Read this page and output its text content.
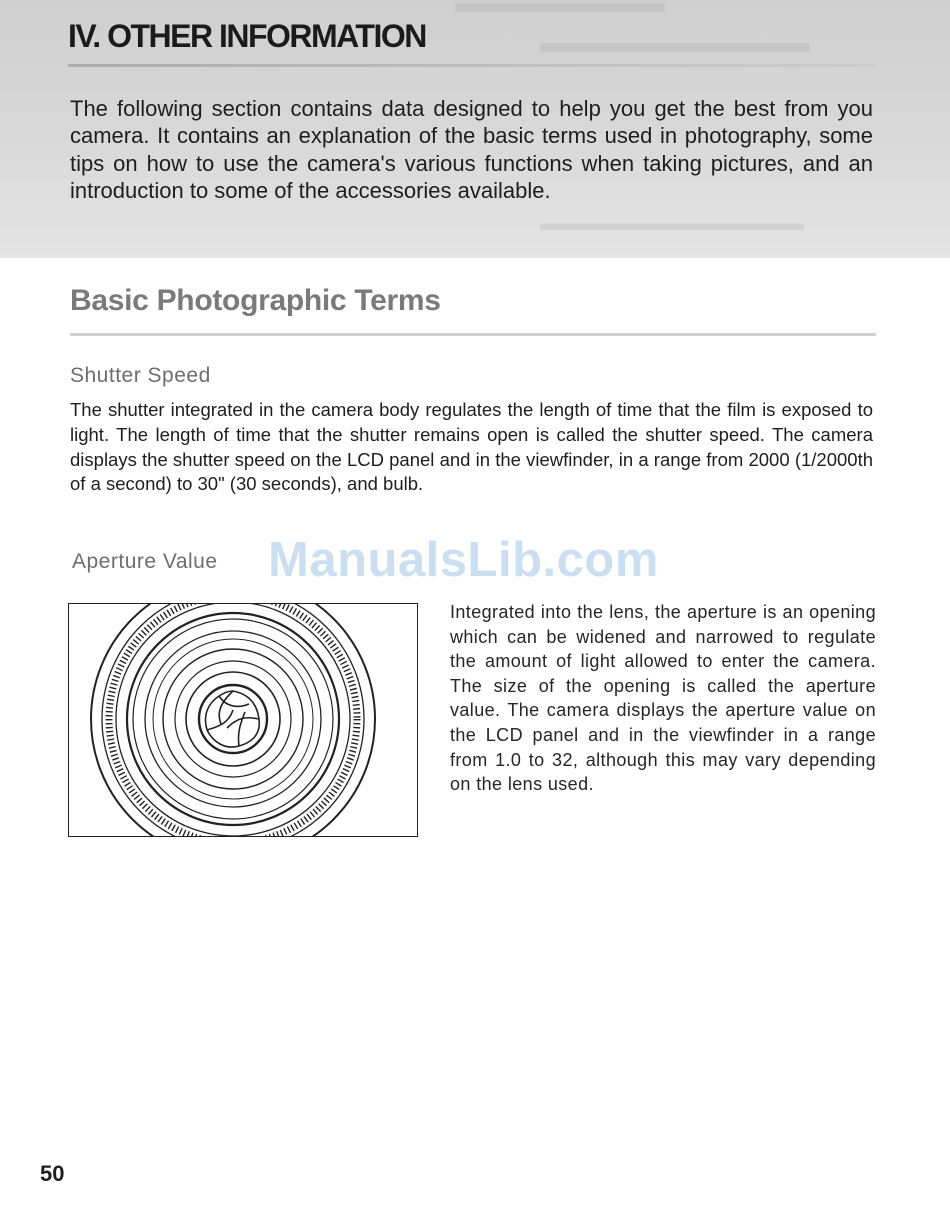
▬▬▬▬▬▬▬
▬▬▬▬▬▬▬▬▬
▬▬▬▬▬▬▬▬▬▬▬▬
IV. OTHER INFORMATION

The following section contains data designed to help you get the best from you camera. It contains an explanation of the basic terms used in photography, some tips on how to use the camera's various functions when taking pictures, and an introduction to some of the accessories available.

Basic Photographic Terms
Shutter Speed

The shutter integrated in the camera body regulates the length of time that the film is exposed to light. The length of time that the shutter remains open is called the shutter speed. The camera displays the shutter speed on the LCD panel and in the viewfinder, in a range from 2000 (1/2000th of a second) to 30" (30 seconds), and bulb.

Aperture Value ManualsLib.com

Integrated into the lens, the aperture is an opening which can be widened and narrowed to regulate the amount of light allowed to enter the camera. The size of the opening is called the aperture value. The camera displays the aperture value on the LCD panel and in the viewfinder in a range from 1.0 to 32, although this may vary depending on the lens used.

50
